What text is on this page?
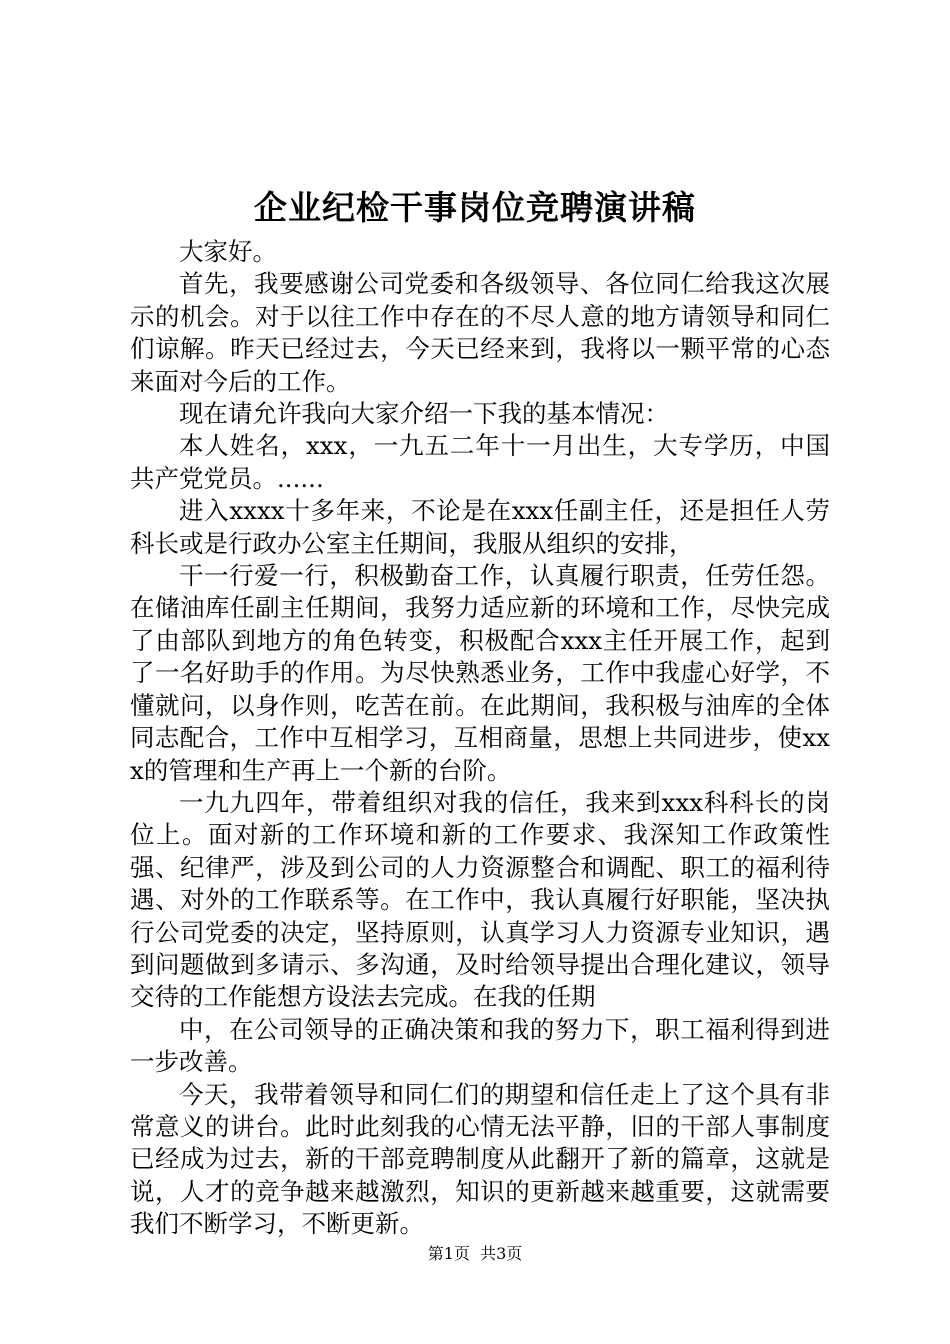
企业纪检干事岗位竞聘演讲稿

大家好。

首先，我要感谢公司党委和各级领导、各位同仁给我这次展示的机会。对于以往工作中存在的不尽人意的地方请领导和同仁们谅解。昨天已经过去，今天已经来到，我将以一颗平常的心态来面对今后的工作。

现在请允许我向大家介绍一下我的基本情况：

本人姓名，xxx，一九五二年十一月出生，大专学历，中国共产党党员。......

进入xxxx十多年来，不论是在xxx任副主任，还是担任人劳科长或是行政办公室主任期间，我服从组织的安排，

干一行爱一行，积极勤奋工作，认真履行职责，任劳任怨。在储油库任副主任期间，我努力适应新的环境和工作，尽快完成了由部队到地方的角色转变，积极配合xxx主任开展工作，起到了一名好助手的作用。为尽快熟悉业务，工作中我虚心好学，不懂就问，以身作则，吃苦在前。在此期间，我积极与油库的全体同志配合，工作中互相学习，互相商量，思想上共同进步，使xxx的管理和生产再上一个新的台阶。

一九九四年，带着组织对我的信任，我来到xxx科科长的岗位上。面对新的工作环境和新的工作要求、我深知工作政策性强、纪律严，涉及到公司的人力资源整合和调配、职工的福利待遇、对外的工作联系等。在工作中，我认真履行好职能，坚决执行公司党委的决定，坚持原则，认真学习人力资源专业知识，遇到问题做到多请示、多沟通，及时给领导提出合理化建议，领导交待的工作能想方设法去完成。在我的任期

中，在公司领导的正确决策和我的努力下，职工福利得到进一步改善。

今天，我带着领导和同仁们的期望和信任走上了这个具有非常意义的讲台。此时此刻我的心情无法平静，旧的干部人事制度已经成为过去，新的干部竞聘制度从此翻开了新的篇章，这就是说，人才的竞争越来越激烈，知识的更新越来越重要，这就需要我们不断学习，不断更新。

第1页  共3页
